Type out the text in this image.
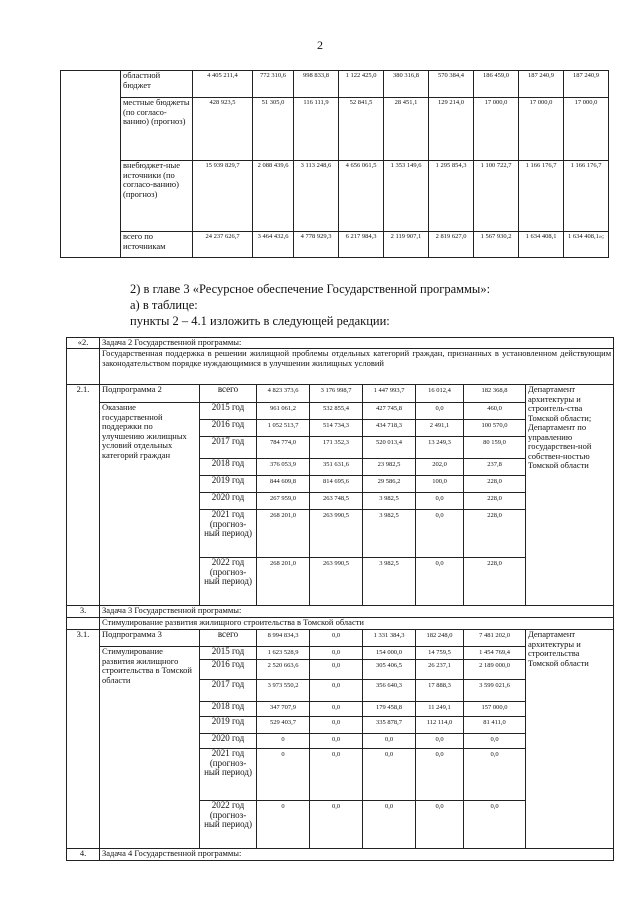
2
	областной бюджет	4 405 211,4	772 310,6	998 833,8	1 122 425,0	380 316,8	570 384,4	186 459,0	187 240,9	187 240,9
	местные бюджеты (по согласо-ванию) (прогноз)	428 923,5	51 305,0	116 111,9	52 841,5	28 451,1	129 214,0	17 000,0	17 000,0	17 000,0
	внебюджет-ные источники (по согласо-ванию) (прогноз)	15 939 829,7	2 088 439,6	3 113 248,6	4 656 061,5	1 353 149,6	1 295 854,3	1 100 722,7	1 166 176,7	1 166 176,7
	всего по источникам	24 237 626,7	3 464 432,6	4 778 929,3	6 217 984,3	2 119 907,1	2 819 627,0	1 567 930,2	1 634 408,1	1 634 408,1»;
2) в главе 3 «Ресурсное обеспечение Государственной программы»:
а) в таблице:
пункты 2 – 4.1 изложить в следующей редакции:
«2.	Задача 2 Государственной программы:							
	Государственная поддержка в решении жилищной проблемы отдельных категорий граждан, признанных в установленном действующим законодательством порядке нуждающимися в улучшении жилищных условий							
2.1.	Подпрограмма 2	всего	4 823 373,6	3 176 998,7	1 447 993,7	16 012,4	182 368,8	Департамент архитектуры и строитель-ства Томской области; Департамент по управлению государствен-ной собствен-ностью Томской области
	Оказание государственной поддержки по улучшению жилищных условий отдельных категорий граждан	2015 год	961 061,2	532 855,4	427 745,8	0,0	460,0	
		2016 год	1 052 513,7	514 734,3	434 718,3	2 491,1	100 570,0	
		2017 год	784 774,0	171 352,3	520 013,4	13 249,3	80 159,0	
		2018 год	376 053,9	351 631,6	23 982,5	202,0	237,8	
		2019 год	844 609,8	814 695,6	29 586,2	100,0	228,0	
		2020 год	267 959,0	263 748,5	3 982,5	0,0	228,0	
		2021 год (прогноз-ный период)	268 201,0	263 990,5	3 982,5	0,0	228,0	
		2022 год (прогноз-ный период)	268 201,0	263 990,5	3 982,5	0,0	228,0	
3.	Задача 3 Государственной программы:							
	Стимулирование развития жилищного строительства в Томской области							
3.1.	Подпрограмма 3	всего	8 994 834,3	0,0	1 331 384,3	182 248,0	7 481 202,0	Департамент архитектуры и строительства Томской области
	Стимулирование развития жилищного строительства в Томской области	2015 год	1 623 528,9	0,0	154 000,0	14 759,5	1 454 769,4	
		2016 год	2 520 663,6	0,0	305 406,5	26 237,1	2 189 000,0	
		2017 год	3 973 550,2	0,0	356 640,3	17 888,3	3 599 021,6	
		2018 год	347 707,9	0,0	179 458,8	11 249,1	157 000,0	
		2019 год	529 403,7	0,0	335 878,7	112 114,0	81 411,0	
		2020 год	0	0,0	0,0	0,0	0,0	
		2021 год (прогноз-ный период)	0	0,0	0,0	0,0	0,0	
		2022 год (прогноз-ный период)	0	0,0	0,0	0,0	0,0	
4.	Задача 4 Государственной программы:							
